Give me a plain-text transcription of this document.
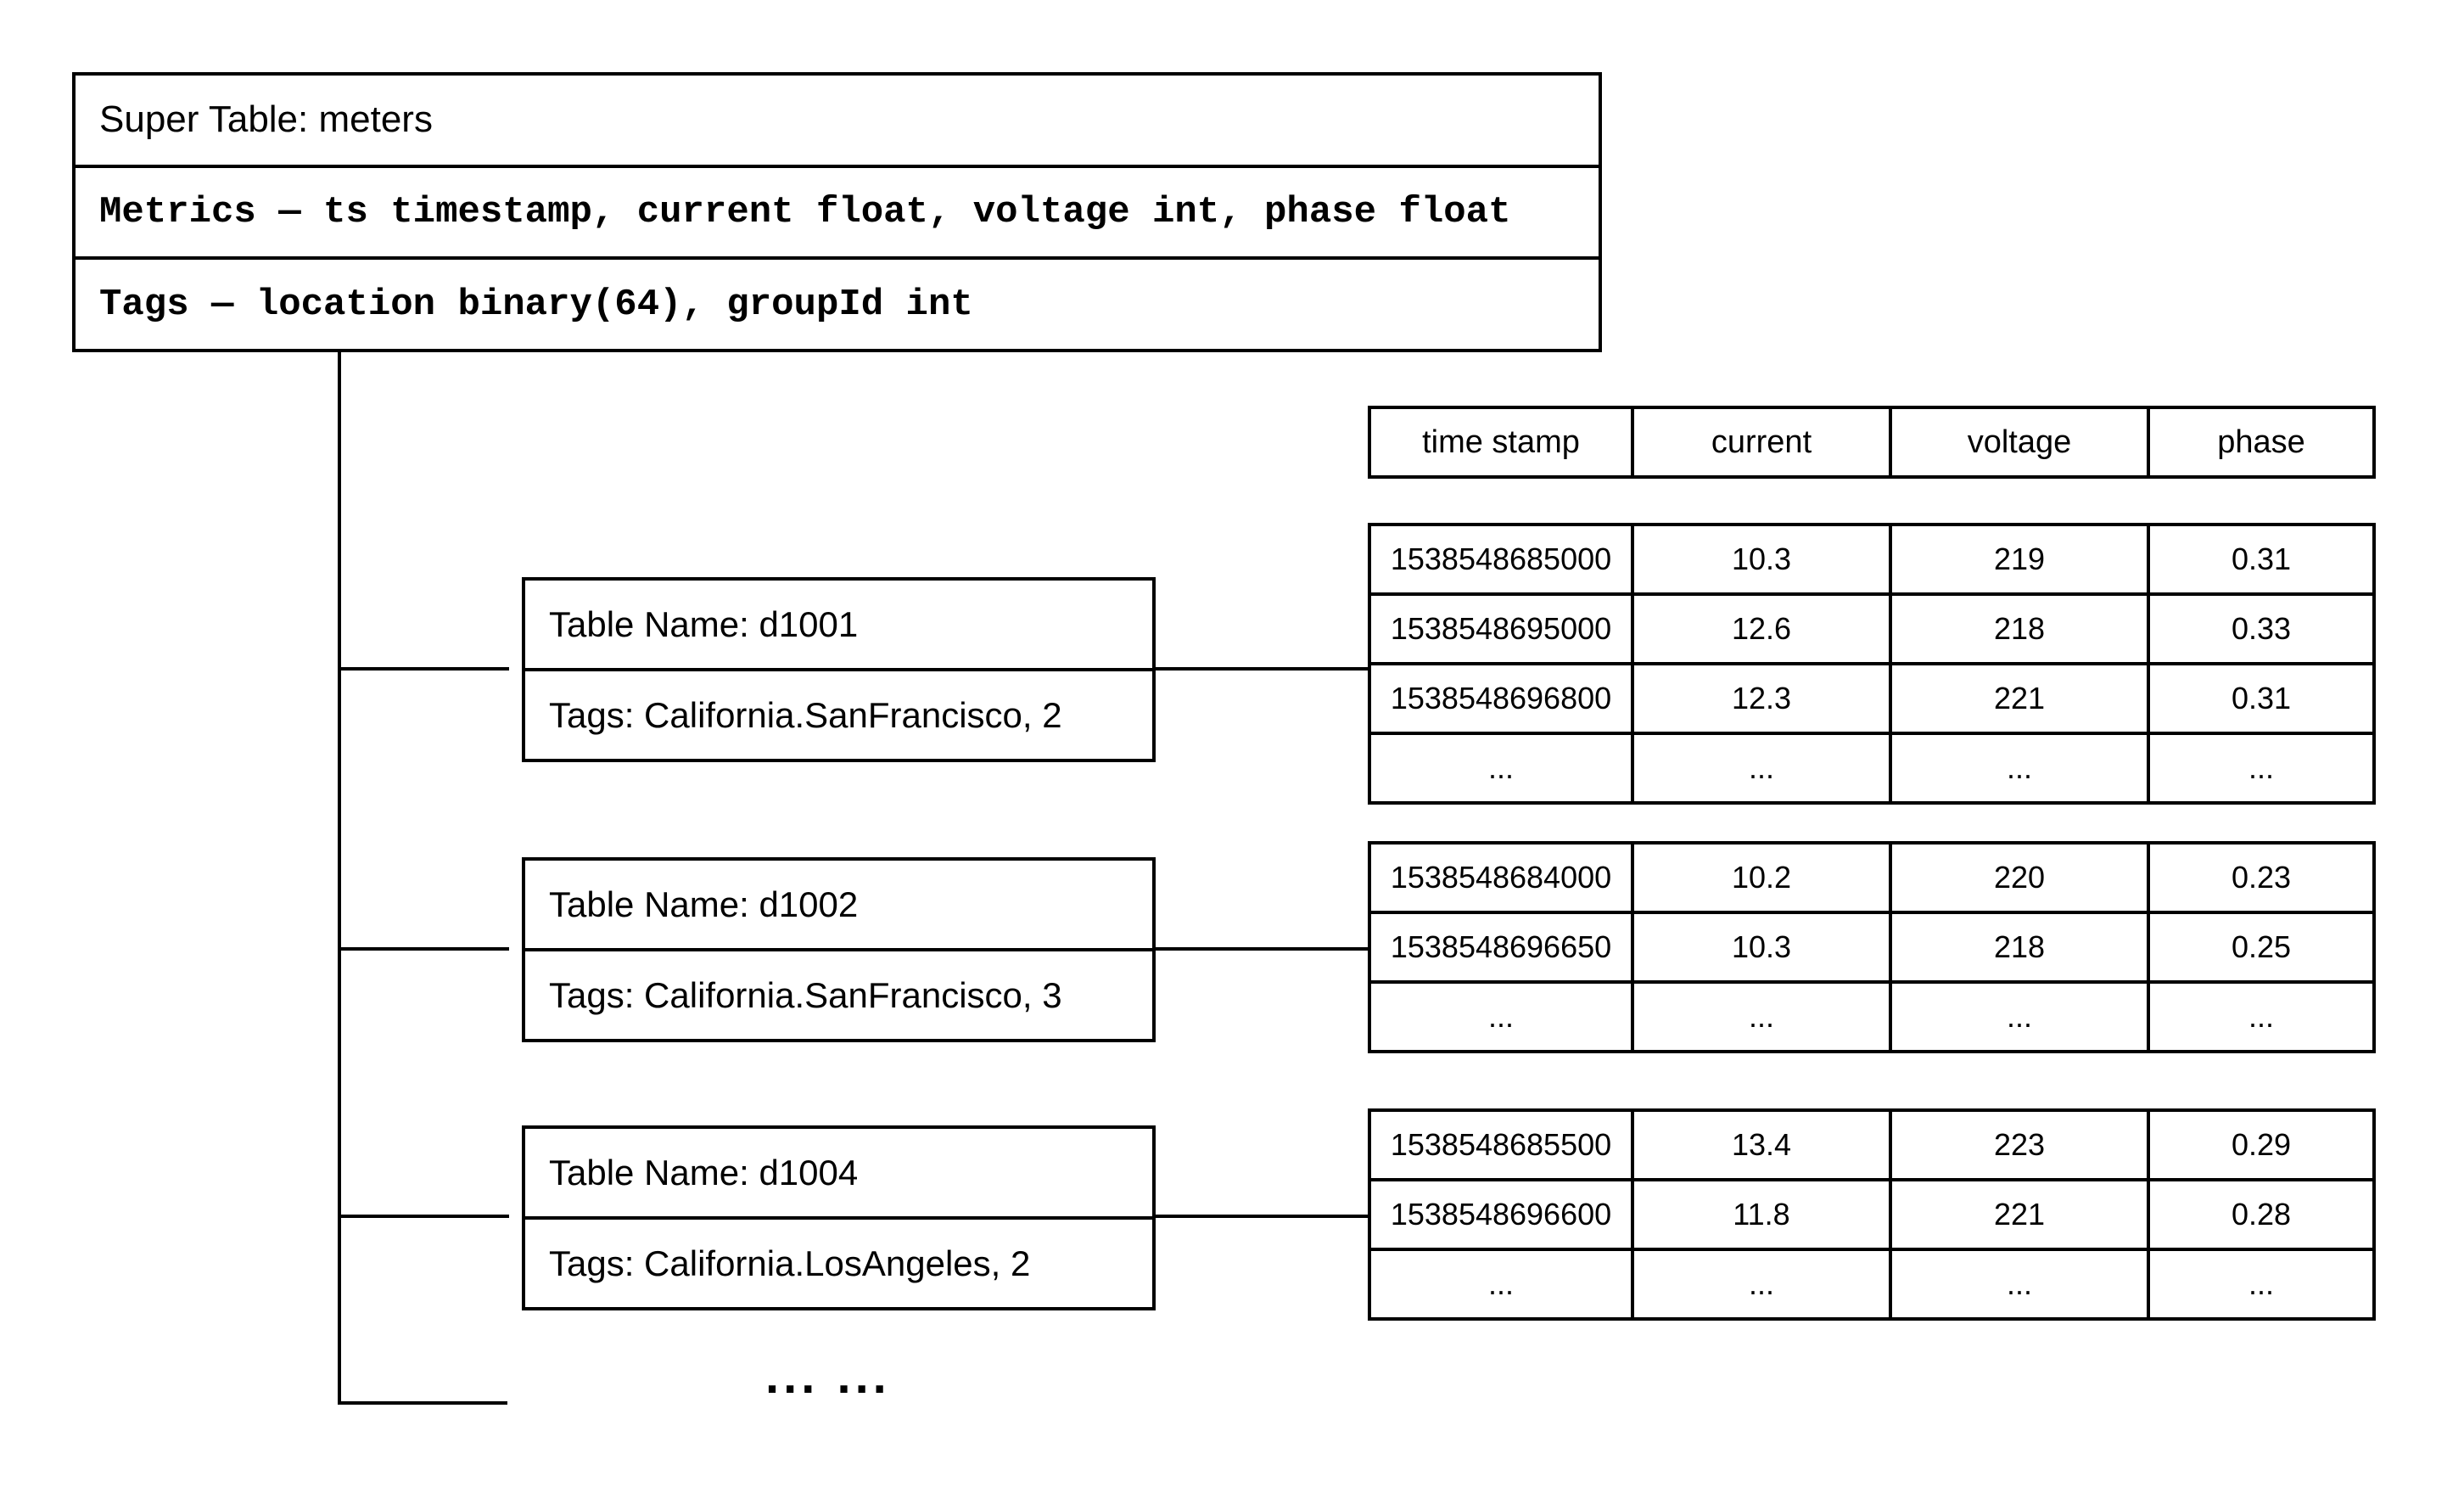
Super Table: meters
Metrics — ts timestamp, current float, voltage int, phase float
Tags — location binary(64), groupId int
Table Name: d1001
Tags: California.SanFrancisco, 2
Table Name: d1002
Tags: California.SanFrancisco, 3
Table Name: d1004
Tags: California.LosAngeles, 2
time stamp	current	voltage	phase
1538548685000	10.3	219	0.31
1538548695000	12.6	218	0.33
1538548696800	12.3	221	0.31
...	...	...	...
1538548684000	10.2	220	0.23
1538548696650	10.3	218	0.25
...	...	...	...
1538548685500	13.4	223	0.29
1538548696600	11.8	221	0.28
...	...	...	...
... ...
